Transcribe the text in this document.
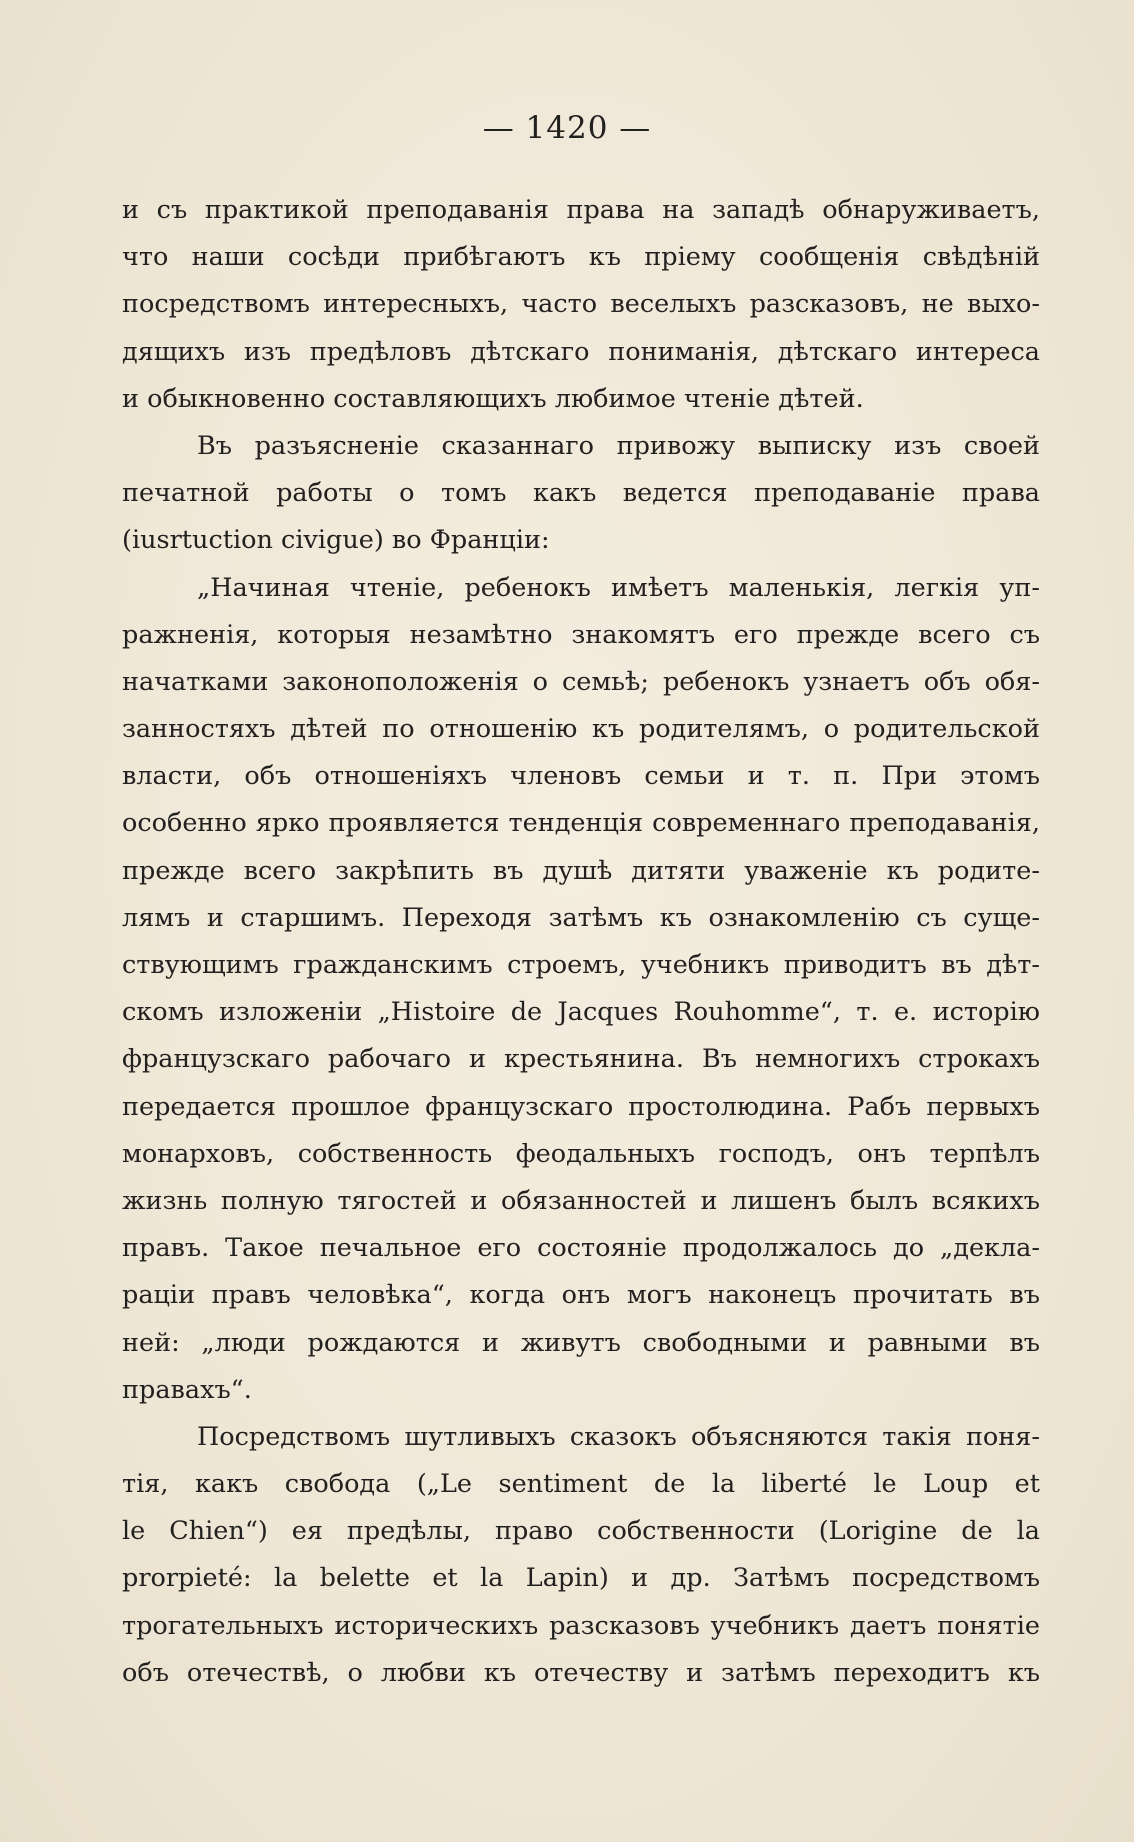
— 1420 —
и съ практикой преподаванія права на западѣ обнаруживаетъ,
что наши сосѣди прибѣгаютъ къ пріему сообщенія свѣдѣній
посредствомъ интересныхъ, часто веселыхъ разсказовъ, не выхо-
дящихъ изъ предѣловъ дѣтскаго пониманія, дѣтскаго интереса
и обыкновенно составляющихъ любимое чтеніе дѣтей.
Въ разъясненіе сказаннаго привожу выписку изъ своей
печатной работы о томъ какъ ведется преподаваніе права
(iusrtuction civigue) во Франціи:
„Начиная чтеніе, ребенокъ имѣетъ маленькія, легкія уп-
ражненія, которыя незамѣтно знакомятъ его прежде всего съ
начатками законоположенія о семьѣ; ребенокъ узнаетъ объ обя-
занностяхъ дѣтей по отношенію къ родителямъ, о родительской
власти, объ отношеніяхъ членовъ семьи и т. п. При этомъ
особенно ярко проявляется тенденція современнаго преподаванія,
прежде всего закрѣпить въ душѣ дитяти уваженіе къ родите-
лямъ и старшимъ. Переходя затѣмъ къ ознакомленію съ суще-
ствующимъ гражданскимъ строемъ, учебникъ приводитъ въ дѣт-
скомъ изложеніи „Histoire de Jacques Rouhomme“, т. е. исторію
французскаго рабочаго и крестьянина. Въ немногихъ строкахъ
передается прошлое французскаго простолюдина. Рабъ первыхъ
монарховъ, собственность феодальныхъ господъ, онъ терпѣлъ
жизнь полную тягостей и обязанностей и лишенъ былъ всякихъ
правъ. Такое печальное его состояніе продолжалось до „декла-
раціи правъ человѣка“, когда онъ могъ наконецъ прочитать въ
ней: „люди рождаются и живутъ свободными и равными въ
правахъ“.
Посредствомъ шутливыхъ сказокъ объясняются такія поня-
тія, какъ свобода („Le sentiment de la liberté le Loup et
le Chien“) ея предѣлы, право собственности (Lorigine de la
prorpieté: la belette et la Lapin) и др. Затѣмъ посредствомъ
трогательныхъ историческихъ разсказовъ учебникъ даетъ понятіе
объ отечествѣ, о любви къ отечеству и затѣмъ переходитъ къ
